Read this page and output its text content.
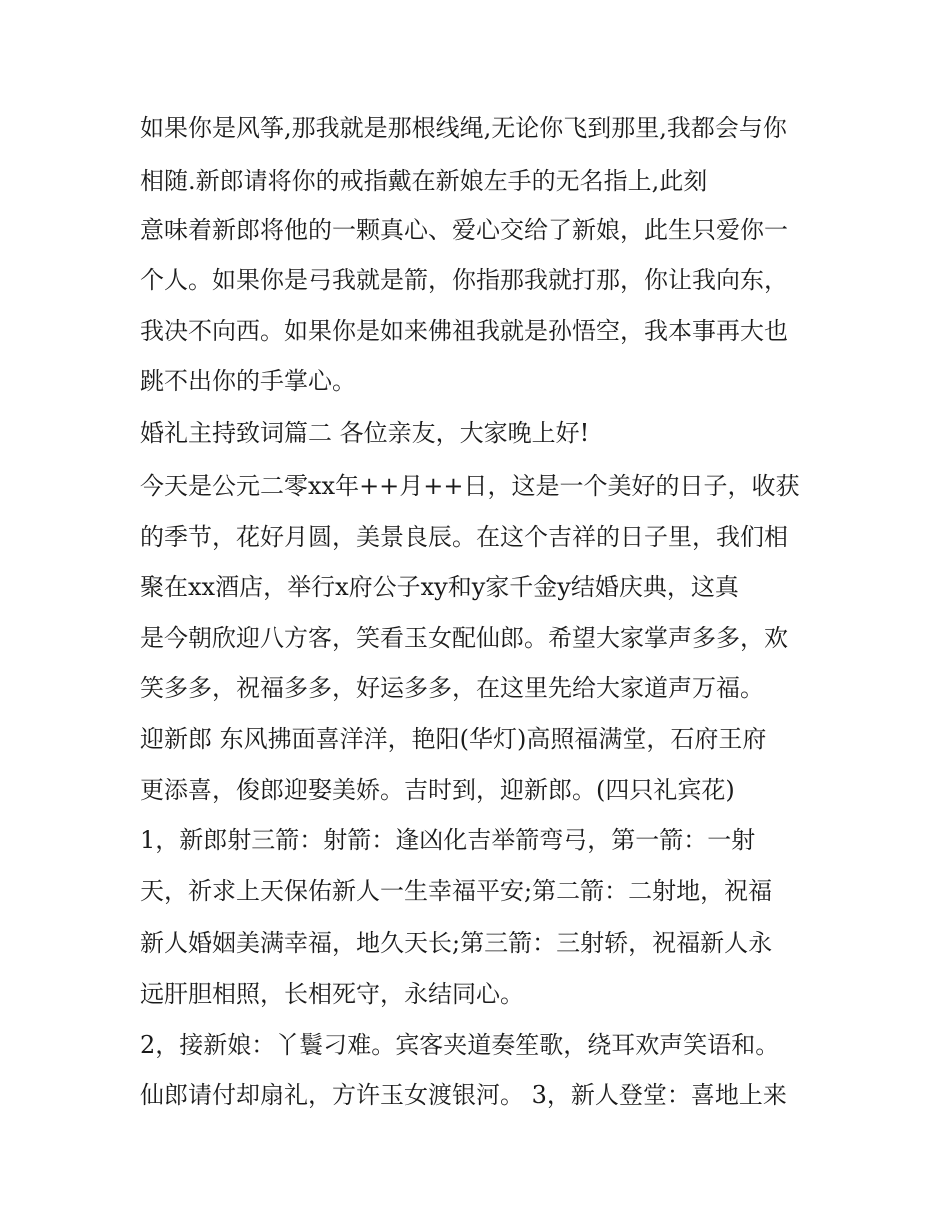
如果你是风筝,那我就是那根线绳,无论你飞到那里,我都会与你
相随.新郎请将你的戒指戴在新娘左手的无名指上,此刻
意味着新郎将他的一颗真心、爱心交给了新娘，此生只爱你一
个人。如果你是弓我就是箭，你指那我就打那，你让我向东，
我决不向西。如果你是如来佛祖我就是孙悟空，我本事再大也
跳不出你的手掌心。
婚礼主持致词篇二 各位亲友，大家晚上好!
今天是公元二零xx年++月++日，这是一个美好的日子，收获
的季节，花好月圆，美景良辰。在这个吉祥的日子里，我们相
聚在xx酒店，举行x府公子xy和y家千金y结婚庆典，这真
是今朝欣迎八方客，笑看玉女配仙郎。希望大家掌声多多，欢
笑多多，祝福多多，好运多多，在这里先给大家道声万福。
迎新郎 东风拂面喜洋洋，艳阳(华灯)高照福满堂，石府王府
更添喜，俊郎迎娶美娇。吉时到，迎新郎。(四只礼宾花)
1，新郎射三箭：射箭：逢凶化吉举箭弯弓，第一箭：一射
天，祈求上天保佑新人一生幸福平安;第二箭：二射地，祝福
新人婚姻美满幸福，地久天长;第三箭：三射轿，祝福新人永
远肝胆相照，长相死守，永结同心。
2，接新娘：丫鬟刁难。宾客夹道奏笙歌，绕耳欢声笑语和。
仙郎请付却扇礼，方许玉女渡银河。 3，新人登堂：喜地上来
